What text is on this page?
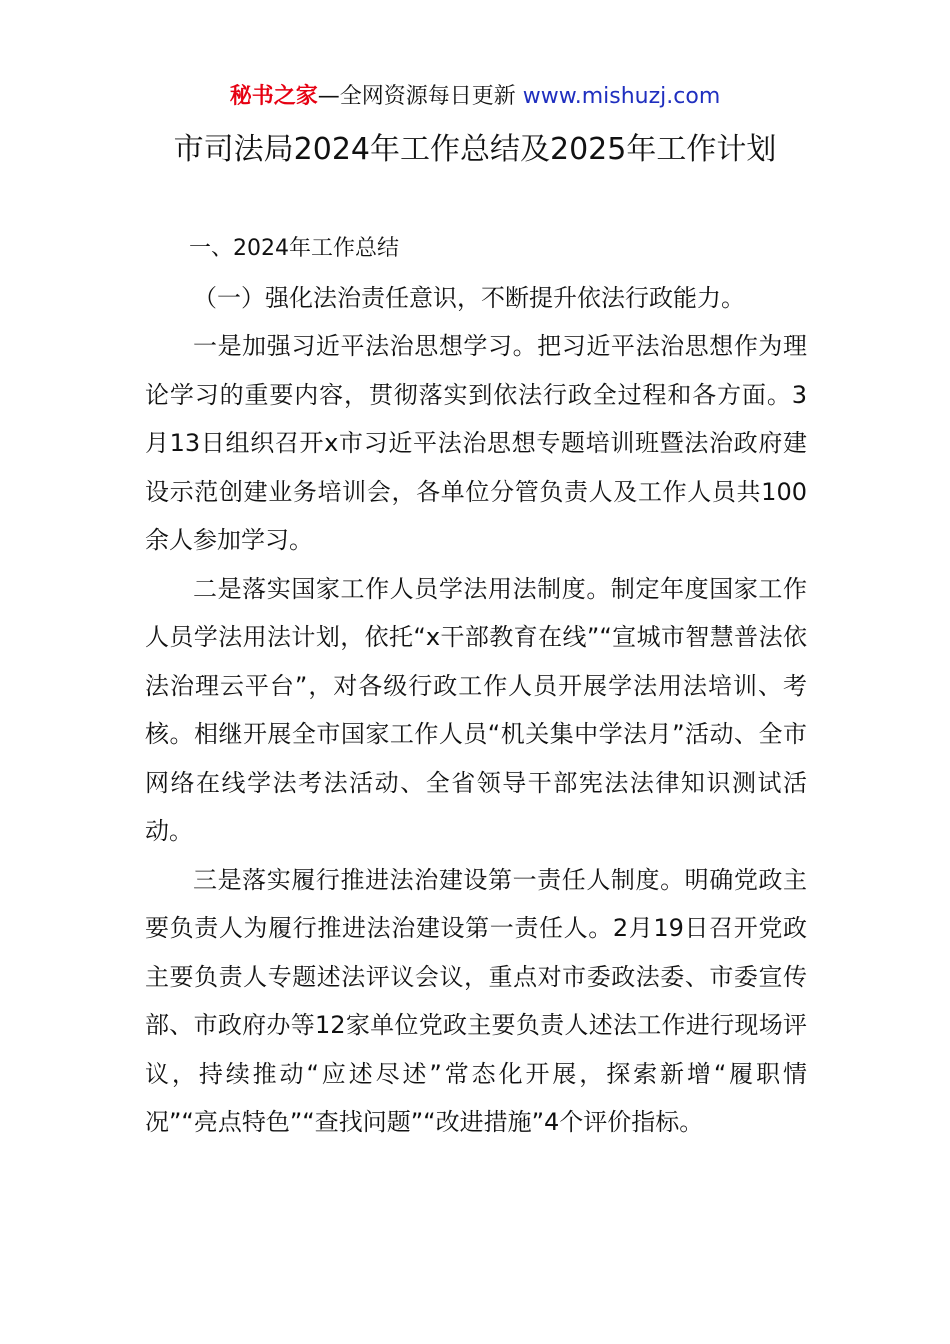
秘书之家—全网资源每日更新 www.mishuzj.com
市司法局2024年工作总结及2025年工作计划

一、2024年工作总结

（一）强化法治责任意识，不断提升依法行政能力。

一是加强习近平法治思想学习。把习近平法治思想作为理论学习的重要内容，贯彻落实到依法行政全过程和各方面。3月13日组织召开x市习近平法治思想专题培训班暨法治政府建设示范创建业务培训会，各单位分管负责人及工作人员共100余人参加学习。

二是落实国家工作人员学法用法制度。制定年度国家工作人员学法用法计划，依托“x干部教育在线”“宣城市智慧普法依法治理云平台”，对各级行政工作人员开展学法用法培训、考核。相继开展全市国家工作人员“机关集中学法月”活动、全市网络在线学法考法活动、全省领导干部宪法法律知识测试活动。

三是落实履行推进法治建设第一责任人制度。明确党政主要负责人为履行推进法治建设第一责任人。2月19日召开党政主要负责人专题述法评议会议，重点对市委政法委、市委宣传部、市政府办等12家单位党政主要负责人述法工作进行现场评议，持续推动“应述尽述”常态化开展，探索新增“履职情况”“亮点特色”“查找问题”“改进措施”4个评价指标。
